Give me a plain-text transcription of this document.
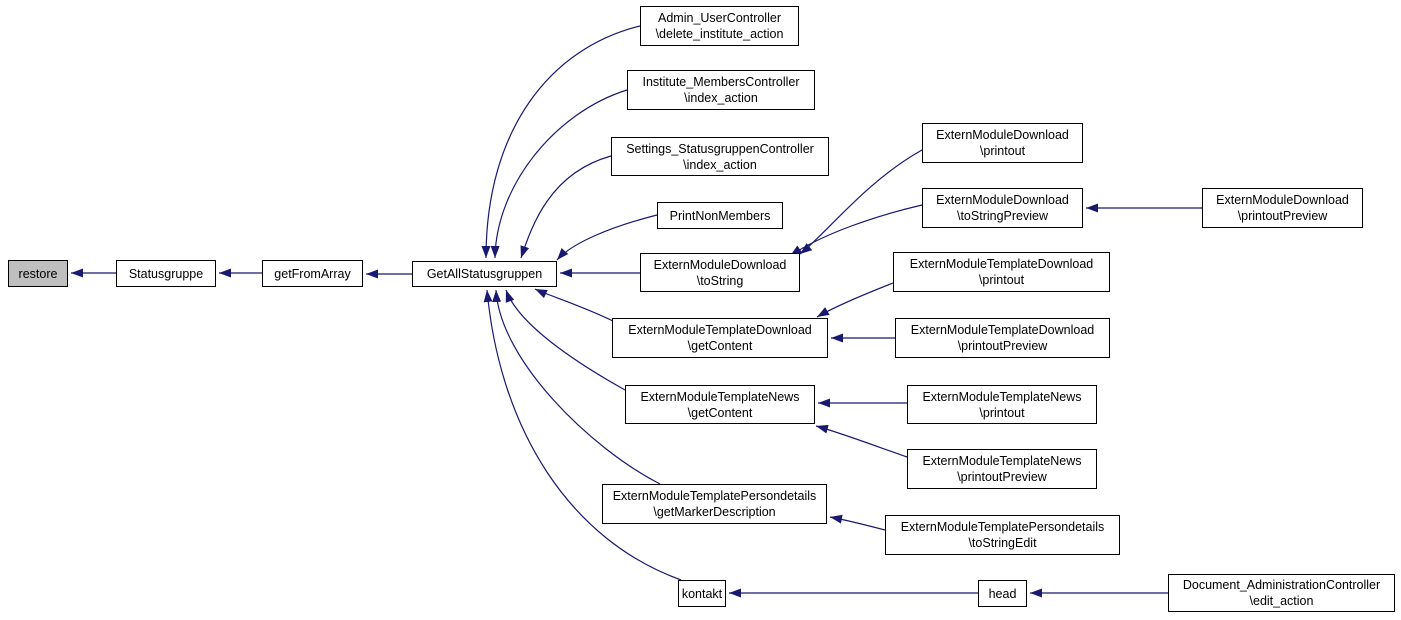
restore	Statusgruppe	getFromArray	GetAllStatusgruppen
Admin_UserController
\delete_institute_action
Institute_MembersController
\index_action
Settings_StatusgruppenController
\index_action
PrintNonMembers
ExternModuleDownload
\printout
ExternModuleDownload
\toStringPreview
ExternModuleDownload
\printoutPreview
ExternModuleDownload
\toString
ExternModuleTemplateDownload
\printout
ExternModuleTemplateDownload
\getContent
ExternModuleTemplateDownload
\printoutPreview
ExternModuleTemplateNews
\getContent
ExternModuleTemplateNews
\printout
ExternModuleTemplateNews
\printoutPreview
ExternModuleTemplatePersondetails
\getMarkerDescription
ExternModuleTemplatePersondetails
\toStringEdit
kontakt	head
Document_AdministrationController
\edit_action
